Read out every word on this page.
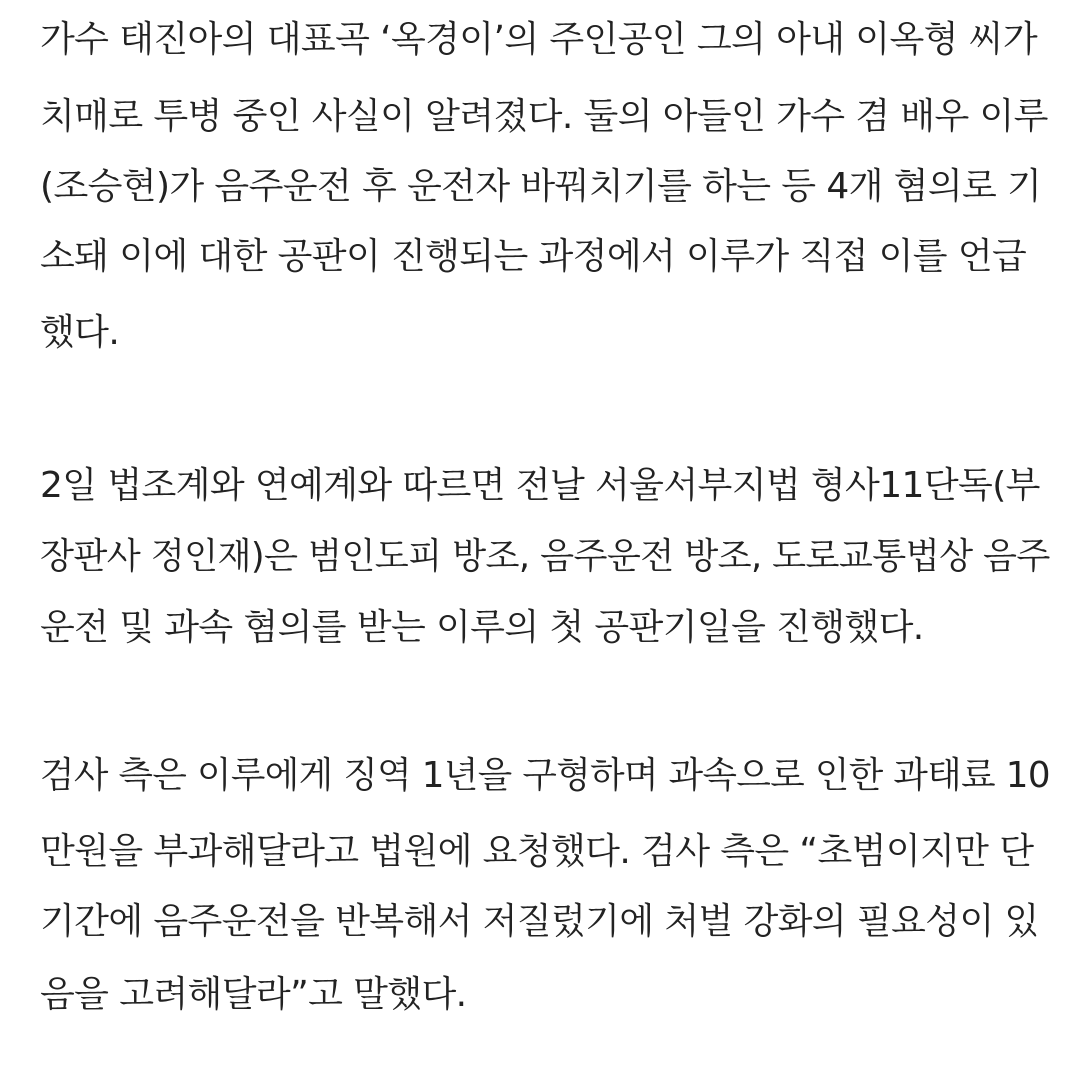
가수 태진아의 대표곡 ‘옥경이’의 주인공인 그의 아내 이옥형 씨가
치매로 투병 중인 사실이 알려졌다. 둘의 아들인 가수 겸 배우 이루
(조승현)가 음주운전 후 운전자 바꿔치기를 하는 등 4개 혐의로 기
소돼 이에 대한 공판이 진행되는 과정에서 이루가 직접 이를 언급
했다.
2일 법조계와 연예계와 따르면 전날 서울서부지법 형사11단독(부
장판사 정인재)은 범인도피 방조, 음주운전 방조, 도로교통법상 음주
운전 및 과속 혐의를 받는 이루의 첫 공판기일을 진행했다.
검사 측은 이루에게 징역 1년을 구형하며 과속으로 인한 과태료 10
만원을 부과해달라고 법원에 요청했다. 검사 측은 “초범이지만 단
기간에 음주운전을 반복해서 저질렀기에 처벌 강화의 필요성이 있
음을 고려해달라”고 말했다.
